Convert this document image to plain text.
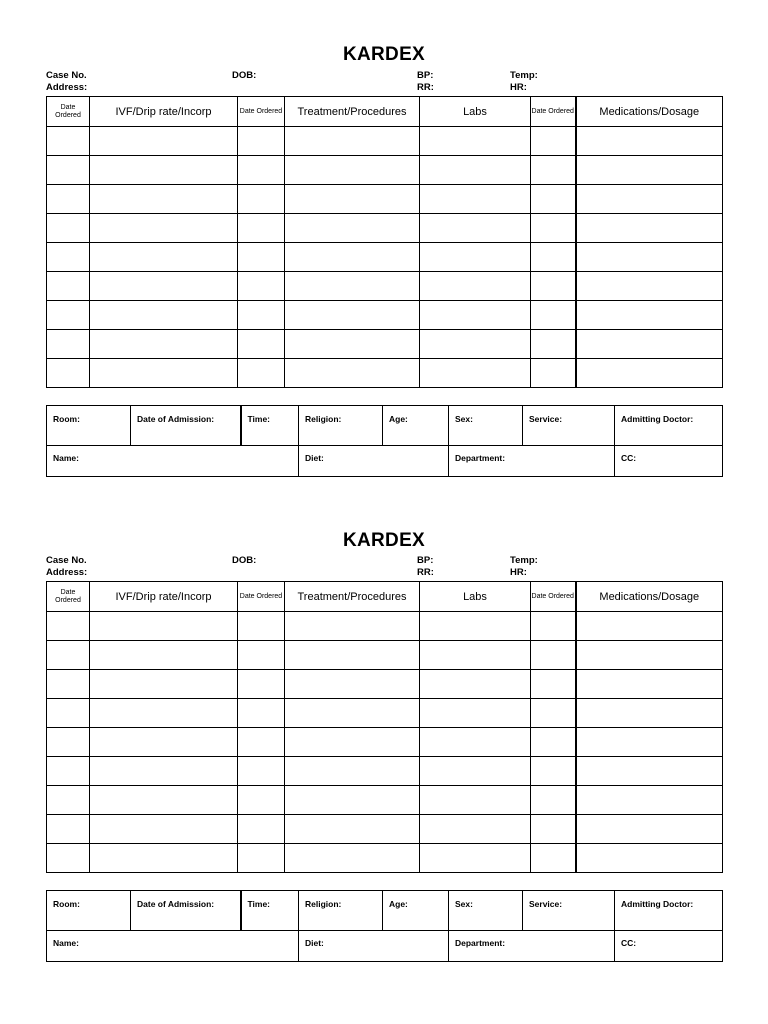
KARDEX
Case No.
Address:
DOB:	BP:
RR:
Temp:
HR:
Date Ordered	IVF/Drip rate/Incorp	Date Ordered	Treatment/Procedures	Labs	Date Ordered	Medications/Dosage

Room:	Date of Admission:	Time:	Religion:	Age:	Sex:	Service:	Admitting Doctor:
Name:			Diet:		Department:		CC:
KARDEX
Case No.
Address:
DOB:	BP:
RR:
Temp:
HR:
Date Ordered	IVF/Drip rate/Incorp	Date Ordered	Treatment/Procedures	Labs	Date Ordered	Medications/Dosage

Room:	Date of Admission:	Time:	Religion:	Age:	Sex:	Service:	Admitting Doctor:
Name:			Diet:		Department:		CC:
